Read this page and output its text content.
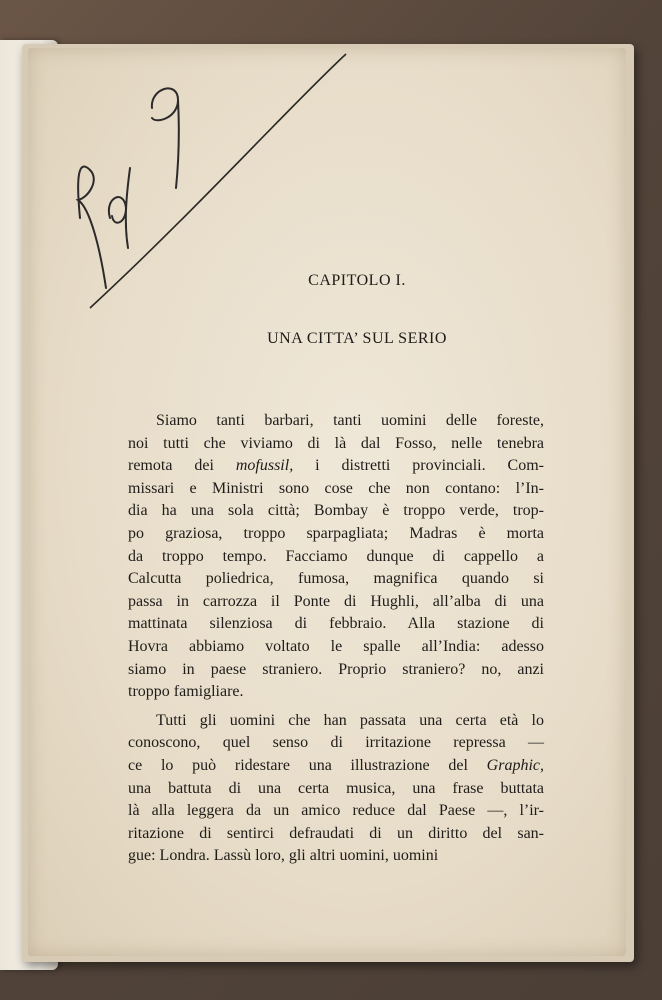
R d P
CAPITOLO I.
UNA CITTA’ SUL SERIO

Siamo tanti barbari, tanti uomini delle foreste,
noi tutti che viviamo di là dal Fosso, nelle tenebra
remota dei mofussil, i distretti provinciali. Com-
missari e Ministri sono cose che non contano: l’In-
dia ha una sola città; Bombay è troppo verde, trop-
po graziosa, troppo sparpagliata; Madras è morta
da troppo tempo. Facciamo dunque di cappello a
Calcutta poliedrica, fumosa, magnifica quando si
passa in carrozza il Ponte di Hughli, all’alba di una
mattinata silenziosa di febbraio. Alla stazione di
Hovra abbiamo voltato le spalle all’India: adesso
siamo in paese straniero. Proprio straniero? no, anzi
troppo famigliare.

Tutti gli uomini che han passata una certa età lo
conoscono, quel senso di irritazione repressa —
ce lo può ridestare una illustrazione del Graphic,
una battuta di una certa musica, una frase buttata
là alla leggera da un amico reduce dal Paese —, l’ir-
ritazione di sentirci defraudati di un diritto del san-
gue: Londra. Lassù loro, gli altri uomini, uomini
